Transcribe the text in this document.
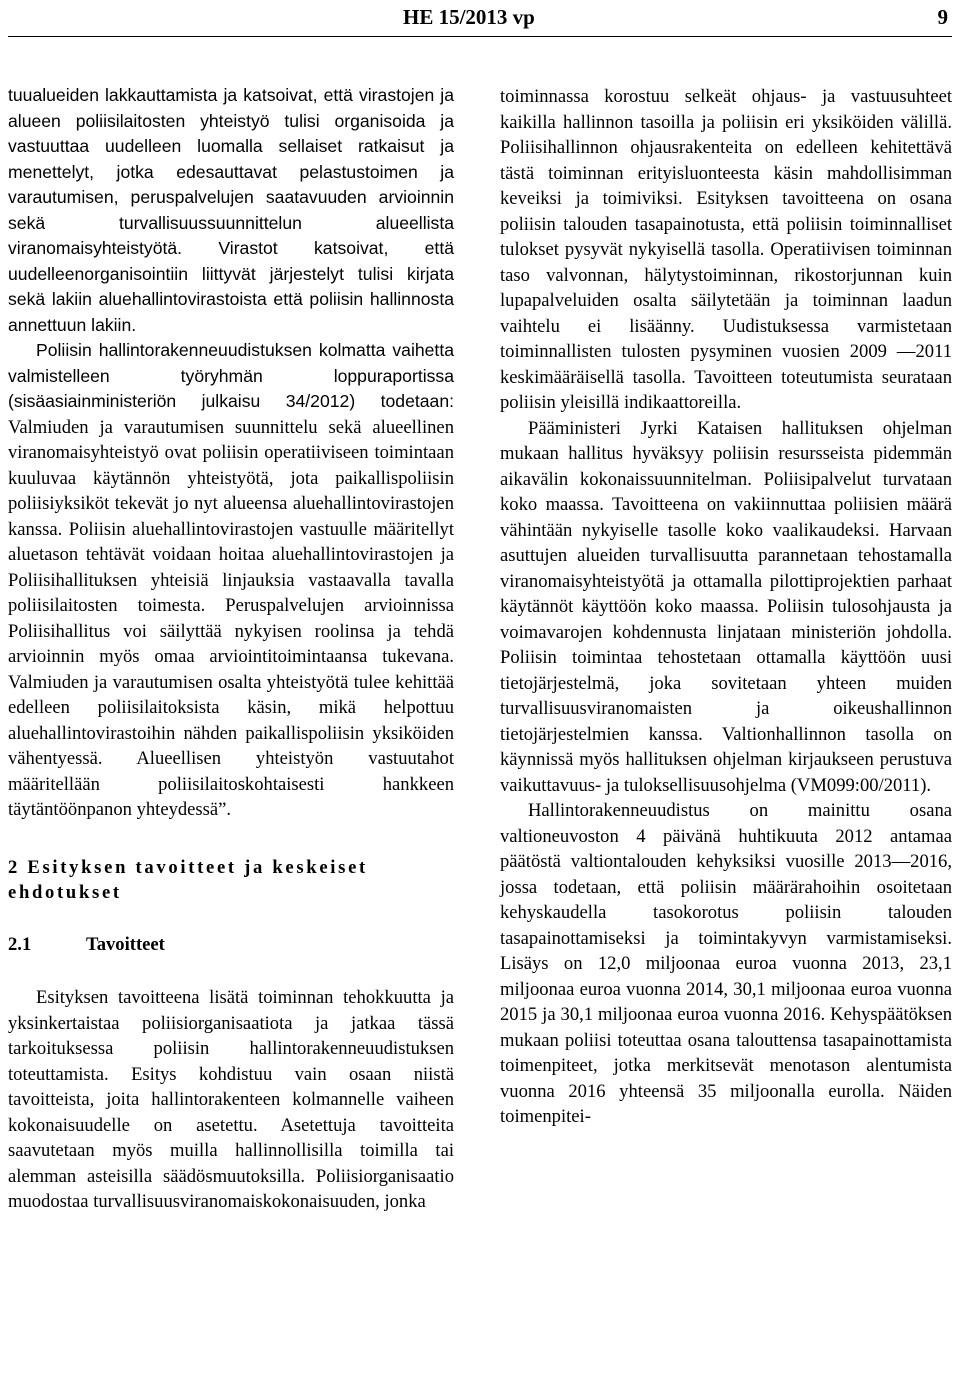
HE 15/2013 vp	9

tuualueiden lakkauttamista ja katsoivat, että virastojen ja alueen poliisilaitosten yhteistyö tulisi organisoida ja vastuuttaa uudelleen luomalla sellaiset ratkaisut ja menettelyt, jotka edesauttavat pelastustoimen ja varautumisen, peruspalvelujen saatavuuden arvioinnin sekä turvallisuussuunnittelun alueellista viranomaisyhteistyötä. Virastot katsoivat, että uudelleenorganisointiin liittyvät järjestelyt tulisi kirjata sekä lakiin aluehallintovirastoista että poliisin hallinnosta annettuun lakiin.

Poliisin hallintorakenneuudistuksen kolmatta vaihetta valmistelleen työryhmän loppuraportissa (sisäasiainministeriön julkaisu 34/2012) todetaan: Valmiuden ja varautumisen suunnittelu sekä alueellinen viranomaisyhteistyö ovat poliisin operatiiviseen toimintaan kuuluvaa käytännön yhteistyötä, jota paikallispoliisin poliisiyksiköt tekevät jo nyt alueensa aluehallintovirastojen kanssa. Poliisin aluehallintovirastojen vastuulle määritellyt aluetason tehtävät voidaan hoitaa aluehallintovirastojen ja Poliisihallituksen yhteisiä linjauksia vastaavalla tavalla poliisilaitosten toimesta. Peruspalvelujen arvioinnissa Poliisihallitus voi säilyttää nykyisen roolinsa ja tehdä arvioinnin myös omaa arviointitoimintaansa tukevana. Valmiuden ja varautumisen osalta yhteistyötä tulee kehittää edelleen poliisilaitoksista käsin, mikä helpottuu aluehallintovirastoihin nähden paikallispoliisin yksiköiden vähentyessä. Alueellisen yhteistyön vastuutahot määritellään poliisilaitoskohtaisesti hankkeen täytäntöönpanon yhteydessä”.

2 Esityksen tavoitteet ja keskeiset ehdotukset
2.1	Tavoitteet

Esityksen tavoitteena lisätä toiminnan tehokkuutta ja yksinkertaistaa poliisiorganisaatiota ja jatkaa tässä tarkoituksessa poliisin hallintorakenneuudistuksen toteuttamista. Esitys kohdistuu vain osaan niistä tavoitteista, joita hallintorakenteen kolmannelle vaiheen kokonaisuudelle on asetettu. Asetettuja tavoitteita saavutetaan myös muilla hallinnollisilla toimilla tai alemman asteisilla säädösmuutoksilla. Poliisiorganisaatio muodostaa turvallisuusviranomaiskokonaisuuden, jonka

toiminnassa korostuu selkeät ohjaus- ja vastuusuhteet kaikilla hallinnon tasoilla ja poliisin eri yksiköiden välillä. Poliisihallinnon ohjausrakenteita on edelleen kehitettävä tästä toiminnan erityisluonteesta käsin mahdollisimman keveiksi ja toimiviksi. Esityksen tavoitteena on osana poliisin talouden tasapainotusta, että poliisin toiminnalliset tulokset pysyvät nykyisellä tasolla. Operatiivisen toiminnan taso valvonnan, hälytystoiminnan, rikostorjunnan kuin lupapalveluiden osalta säilytetään ja toiminnan laadun vaihtelu ei lisäänny. Uudistuksessa varmistetaan toiminnallisten tulosten pysyminen vuosien 2009 —2011 keskimääräisellä tasolla. Tavoitteen toteutumista seurataan poliisin yleisillä indikaattoreilla.

Pääministeri Jyrki Kataisen hallituksen ohjelman mukaan hallitus hyväksyy poliisin resursseista pidemmän aikavälin kokonaissuunnitelman. Poliisipalvelut turvataan koko maassa. Tavoitteena on vakiinnuttaa poliisien määrä vähintään nykyiselle tasolle koko vaalikaudeksi. Harvaan asuttujen alueiden turvallisuutta parannetaan tehostamalla viranomaisyhteistyötä ja ottamalla pilottiprojektien parhaat käytännöt käyttöön koko maassa. Poliisin tulosohjausta ja voimavarojen kohdennusta linjataan ministeriön johdolla. Poliisin toimintaa tehostetaan ottamalla käyttöön uusi tietojärjestelmä, joka sovitetaan yhteen muiden turvallisuusviranomaisten ja oikeushallinnon tietojärjestelmien kanssa. Valtionhallinnon tasolla on käynnissä myös hallituksen ohjelman kirjaukseen perustuva vaikuttavuus- ja tuloksellisuusohjelma (VM099:00/2011).

Hallintorakenneuudistus on mainittu osana valtioneuvoston 4 päivänä huhtikuuta 2012 antamaa päätöstä valtiontalouden kehyksiksi vuosille 2013—2016, jossa todetaan, että poliisin määrärahoihin osoitetaan kehyskaudella tasokorotus poliisin talouden tasapainottamiseksi ja toimintakyvyn varmistamiseksi. Lisäys on 12,0 miljoonaa euroa vuonna 2013, 23,1 miljoonaa euroa vuonna 2014, 30,1 miljoonaa euroa vuonna 2015 ja 30,1 miljoonaa euroa vuonna 2016. Kehyspäätöksen mukaan poliisi toteuttaa osana talouttensa tasapainottamista toimenpiteet, jotka merkitsevät menotason alentumista vuonna 2016 yhteensä 35 miljoonalla eurolla. Näiden toimenpitei-
